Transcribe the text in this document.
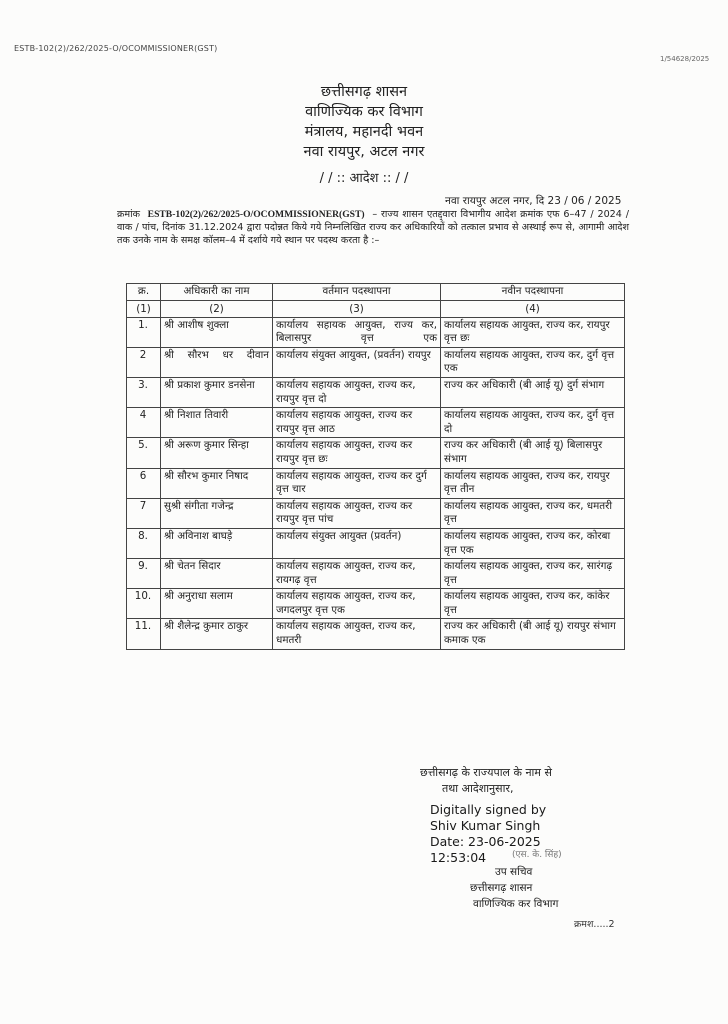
ESTB-102(2)/262/2025-O/OCOMMISSIONER(GST)
1/54628/2025
छत्तीसगढ़ शासन
वाणिज्यिक कर विभाग
मंत्रालय, महानदी भवन
नवा रायपुर, अटल नगर
/ / :: आदेश :: / /
नवा रायपुर अटल नगर, दि 23 / 06 / 2025
क्रमांक ESTB-102(2)/262/2025-O/OCOMMISSIONER(GST) – राज्य शासन एतद्द्वारा विभागीय आदेश क्रमांक एफ 6–47 / 2024 / वाक / पांच, दिनांक 31.12.2024 द्वारा पदोन्नत किये गये निम्नलिखित राज्य कर अधिकारियों को तत्काल प्रभाव से अस्थाई रूप से, आगामी आदेश तक उनके नाम के समक्ष कॉलम–4 में दर्शाये गये स्थान पर पदस्थ करता है :–
क्र.	अधिकारी का नाम	वर्तमान पदस्थापना	नवीन पदस्थापना
(1)	(2)	(3)	(4)
1.	श्री आशीष शुक्ला	कार्यालय सहायक आयुक्त, राज्य कर, बिलासपुर वृत्त एक	कार्यालय सहायक आयुक्त, राज्य कर, रायपुर वृत्त छः
2	श्री सौरभ धर दीवान	कार्यालय संयुक्त आयुक्त, (प्रवर्तन) रायपुर	कार्यालय सहायक आयुक्त, राज्य कर, दुर्ग वृत्त एक
3.	श्री प्रकाश कुमार डनसेना	कार्यालय सहायक आयुक्त, राज्य कर, रायपुर वृत्त दो	राज्य कर अधिकारी (बी आई यू) दुर्ग संभाग
4	श्री निशात तिवारी	कार्यालय सहायक आयुक्त, राज्य कर रायपुर वृत्त आठ	कार्यालय सहायक आयुक्त, राज्य कर, दुर्ग वृत्त दो
5.	श्री अरूण कुमार सिन्हा	कार्यालय सहायक आयुक्त, राज्य कर रायपुर वृत्त छः	राज्य कर अधिकारी (बी आई यू) बिलासपुर संभाग
6	श्री सौरभ कुमार निषाद	कार्यालय सहायक आयुक्त, राज्य कर दुर्ग वृत्त चार	कार्यालय सहायक आयुक्त, राज्य कर, रायपुर वृत्त तीन
7	सुश्री संगीता गजेन्द्र	कार्यालय सहायक आयुक्त, राज्य कर रायपुर वृत्त पांच	कार्यालय सहायक आयुक्त, राज्य कर, धमतरी वृत्त
8.	श्री अविनाश बाघड़े	कार्यालय संयुक्त आयुक्त (प्रवर्तन)	कार्यालय सहायक आयुक्त, राज्य कर, कोरबा वृत्त एक
9.	श्री चेतन सिदार	कार्यालय सहायक आयुक्त, राज्य कर, रायगढ़ वृत्त	कार्यालय सहायक आयुक्त, राज्य कर, सारंगढ़ वृत्त
10.	श्री अनुराधा सलाम	कार्यालय सहायक आयुक्त, राज्य कर, जगदलपुर वृत्त एक	कार्यालय सहायक आयुक्त, राज्य कर, कांकेर वृत्त
11.	श्री शैलेन्द्र कुमार ठाकुर	कार्यालय सहायक आयुक्त, राज्य कर, धमतरी	राज्य कर अधिकारी (बी आई यू) रायपुर संभाग कमाक एक
छत्तीसगढ़ के राज्यपाल के नाम से
तथा आदेशानुसार,
Digitally signed by
Shiv Kumar Singh
Date: 23-06-2025
12:53:04	(एस. के. सिंह)
उप सचिव
छत्तीसगढ़ शासन
वाणिज्यिक कर विभाग
क्रमश.....2
